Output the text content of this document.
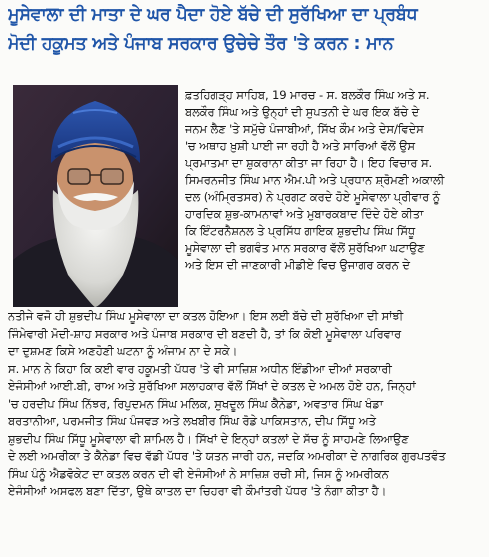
ਮੂਸੇਵਾਲਾ ਦੀ ਮਾਤਾ ਦੇ ਘਰ ਪੈਦਾ ਹੋਏ ਬੱਚੇ ਦੀ ਸੁਰੱਖਿਆ ਦਾ ਪ੍ਰਬੰਧ
ਮੋਦੀ ਹਕੂਮਤ ਅਤੇ ਪੰਜਾਬ ਸਰਕਾਰ ਉਚੇਚੇ ਤੌਰ 'ਤੇ ਕਰਨ : ਮਾਨ
ਫ਼ਤਹਿਗੜ੍ਹ ਸਾਹਿਬ, 19 ਮਾਰਚ - ਸ. ਬਲਕੌਰ ਸਿੰਘ ਅਤੇ ਸ.
ਬਲਕੌਰ ਸਿੰਘ ਅਤੇ ਉਨ੍ਹਾਂ ਦੀ ਸੁਪਤਨੀ ਦੇ ਘਰ ਇਕ ਬੱਚੇ ਦੇ
ਜਨਮ ਲੈਣ 'ਤੇ ਸਮੁੱਚੇ ਪੰਜਾਬੀਆਂ, ਸਿੱਖ ਕੌਮ ਅਤੇ ਦੇਸ/ਵਿਦੇਸ
'ਚ ਅਥਾਹ ਖ਼ੁਸ਼ੀ ਪਾਈ ਜਾ ਰਹੀ ਹੈ ਅਤੇ ਸਾਰਿਆਂ ਵੱਲੋਂ ਉਸ
ਪ੍ਰਮਾਤਮਾ ਦਾ ਸ਼ੁਕਰਾਨਾ ਕੀਤਾ ਜਾ ਰਿਹਾ ਹੈ। ਇਹ ਵਿਚਾਰ ਸ.
ਸਿਮਰਨਜੀਤ ਸਿੰਘ ਮਾਨ ਐਮ.ਪੀ ਅਤੇ ਪ੍ਰਧਾਨ ਸ਼੍ਰੋਮਣੀ ਅਕਾਲੀ
ਦਲ (ਅੰਮ੍ਰਿਤਸਰ) ਨੇ ਪ੍ਰਗਟ ਕਰਦੇ ਹੋਏ ਮੂਸੇਵਾਲਾ ਪ੍ਰੀਵਾਰ ਨੂੰ
ਹਾਰਦਿਕ ਸ਼ੁਭ-ਕਾਮਨਾਵਾਂ ਅਤੇ ਮੁਬਾਰਕਬਾਦ ਦਿੰਦੇ ਹੋਏ ਕੀਤਾ
ਕਿ ਇੰਟਰਨੈਸ਼ਨਲ ਤੇ ਪ੍ਰਸਿੱਧ ਗਾਇਕ ਸ਼ੁਭਦੀਪ ਸਿੰਘ ਸਿੱਧੂ
ਮੂਸੇਵਾਲਾ ਦੀ ਭਗਵੰਤ ਮਾਨ ਸਰਕਾਰ ਵੱਲੋਂ ਸੁਰੱਖਿਆ ਘਟਾਉਣ
ਅਤੇ ਇਸ ਦੀ ਜਾਣਕਾਰੀ ਮੀਡੀਏ ਵਿਚ ਉਜਾਗਰ ਕਰਨ ਦੇ
ਨਤੀਜੇ ਵਜੋ ਹੀ ਸ਼ੁਭਦੀਪ ਸਿੰਘ ਮੂਸੇਵਾਲਾ ਦਾ ਕਤਲ ਹੋਇਆ। ਇਸ ਲਈ ਬੱਚੇ ਦੀ ਸੁਰੱਖਿਆ ਦੀ ਸਾਂਝੀ
ਜਿੰਮੇਵਾਰੀ ਮੋਦੀ-ਸ਼ਾਹ ਸਰਕਾਰ ਅਤੇ ਪੰਜਾਬ ਸਰਕਾਰ ਦੀ ਬਣਦੀ ਹੈ, ਤਾਂ ਕਿ ਕੋਈ ਮੂਸੇਵਾਲਾ ਪਰਿਵਾਰ
ਦਾ ਦੁਸ਼ਮਣ ਕਿਸੇ ਅਣਹੋਣੀ ਘਟਨਾ ਨੂੰ ਅੰਜਾਮ ਨਾ ਦੇ ਸਕੇ।
ਸ. ਮਾਨ ਨੇ ਕਿਹਾ ਕਿ ਕਈ ਵਾਰ ਹਕੂਮਤੀ ਪੱਧਰ 'ਤੇ ਵੀ ਸਾਜ਼ਿਸ਼ ਅਧੀਨ ਇੰਡੀਆ ਦੀਆਂ ਸਰਕਾਰੀ
ਏਜੰਸੀਆਂ ਆਈ.ਬੀ, ਰਾਅ ਅਤੇ ਸੁਰੱਖਿਆ ਸਲਾਹਕਾਰ ਵੱਲੋਂ ਸਿੱਖਾਂ ਦੇ ਕਤਲ ਦੇ ਅਮਲ ਹੋਏ ਹਨ, ਜਿਨ੍ਹਾਂ
'ਚ ਹਰਦੀਪ ਸਿੰਘ ਨਿੱਝਰ, ਰਿਪੁਦਮਨ ਸਿੰਘ ਮਲਿਕ, ਸੁਖਦੂਲ ਸਿੰਘ ਕੈਨੇਡਾ, ਅਵਤਾਰ ਸਿੰਘ ਖੰਡਾ
ਬਰਤਾਨੀਆ, ਪਰਮਜੀਤ ਸਿੰਘ ਪੰਜਵੜ ਅਤੇ ਲਖਬੀਰ ਸਿੰਘ ਰੋਡੇ ਪਾਕਿਸਤਾਨ, ਦੀਪ ਸਿੱਧੂ ਅਤੇ
ਸ਼ੁਭਦੀਪ ਸਿੰਘ ਸਿੱਧੂ ਮੂਸੇਵਾਲਾ ਵੀ ਸ਼ਾਮਿਲ ਹੈ। ਸਿੱਖਾਂ ਦੇ ਇਨ੍ਹਾਂ ਕਤਲਾਂ ਦੇ ਸੱਚ ਨੂੰ ਸਾਹਮਣੇ ਲਿਆਉਣ
ਦੇ ਲਈ ਅਮਰੀਕਾ ਤੇ ਕੈਨੇਡਾ ਵਿਚ ਵੱਡੀ ਪੱਧਰ 'ਤੇ ਯਤਨ ਜਾਰੀ ਹਨ, ਜਦਕਿ ਅਮਰੀਕਾ ਦੇ ਨਾਗਰਿਕ ਗੁਰਪਤਵੰਤ
ਸਿੰਘ ਪੰਨੂੰ ਐਡਵੋਕੇਟ ਦਾ ਕਤਲ ਕਰਨ ਦੀ ਵੀ ਏਜੰਸੀਆਂ ਨੇ ਸਾਜ਼ਿਸ਼ ਰਚੀ ਸੀ, ਜਿਸ ਨੂੰ ਅਮਰੀਕਨ
ਏਜੰਸੀਆਂ ਅਸਫਲ ਬਣਾ ਦਿੱਤਾ, ਉਥੇ ਕਾਤਲ ਦਾ ਚਿਹਰਾ ਵੀ ਕੌਮਾਂਤਰੀ ਪੱਧਰ 'ਤੇ ਨੰਗਾ ਕੀਤਾ ਹੈ।
